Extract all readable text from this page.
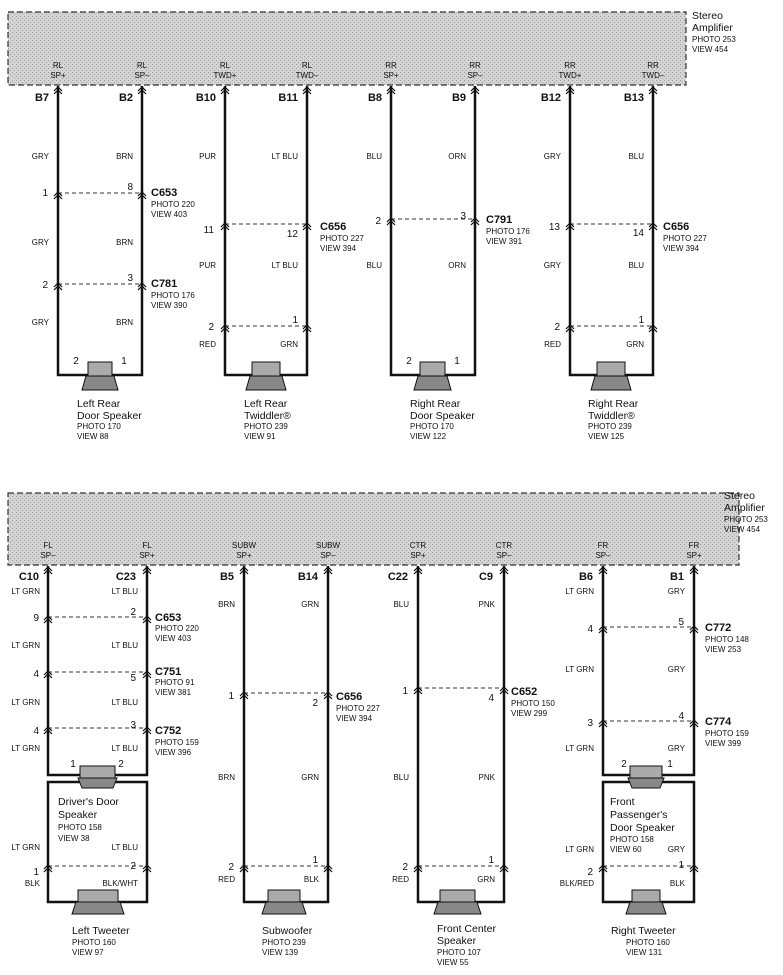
Stereo
Amplifier
PHOTO 253
VIEW 454
RL
SP+
RL
SP–
RL
TWD+
RL
TWD–
RR
SP+
RR
SP–
RR
TWD+
RR
TWD–
B7	B2	B10	B11	B8	B9	B12	B13
GRY	BRN	PUR	LT BLU	BLU	ORN	GRY	BLU
GRY	BRN
PUR	LT BLU	BLU	ORN	GRY	BLU
GRY	BRN
RED	GRN	RED	GRN
1
8 C653
PHOTO 220
VIEW 403
2
3 C781
PHOTO 176
VIEW 390
11	12
C656
PHOTO 227
VIEW 394
2	3 C791
PHOTO 176
VIEW 391
13
14
C656
PHOTO 227
VIEW 394
2
1
2
1
2	1
Left Rear
Door Speaker
PHOTO 170
VIEW 88
Left Rear
Twiddler®
PHOTO 239
VIEW 91
2	1
Right Rear
Door Speaker
PHOTO 170
VIEW 122
Right Rear
Twiddler®
PHOTO 239
VIEW 125
Stereo
Amplifier
PHOTO 253
VIEW 454
FL
SP–
FL
SP+
SUBW
SP+
SUBW
SP–
CTR
SP+
CTR
SP–
FR
SP–
FR
SP+
C10	C23	B5	B14	C22	C9	B6	B1
LT GRN	LT BLU
LT GRN	LT BLU
LT GRN	LT BLU
LT GRN	LT BLU
LT GRN	LT BLU
BLK	BLK/WHT
9
2 C653
PHOTO 220
VIEW 403
4	5
C751
PHOTO 91
VIEW 381
4
3 C752
PHOTO 159
VIEW 396
1	2
Driver's Door
Speaker
PHOTO 158
VIEW 38
1
2
Left Tweeter
PHOTO 160
VIEW 97
BRN	GRN
BRN	GRN
RED	BLK
1
2
C656
PHOTO 227
VIEW 394
2
1
Subwoofer
PHOTO 239
VIEW 139
BLU	PNK
BLU	PNK
RED	GRN
1
4
C652
PHOTO 150
VIEW 299
2
1
Front Center
Speaker
PHOTO 107
VIEW 55
LT GRN	GRY
LT GRN	GRY
LT GRN	GRY
LT GRN	GRY
BLK/RED	BLK
4
5 C772
PHOTO 148
VIEW 253
3
4 C774
PHOTO 159
VIEW 399
2	1
Front
Passenger's
Door Speaker
PHOTO 158
VIEW 60
2
1
Right Tweeter
PHOTO 160
VIEW 131
